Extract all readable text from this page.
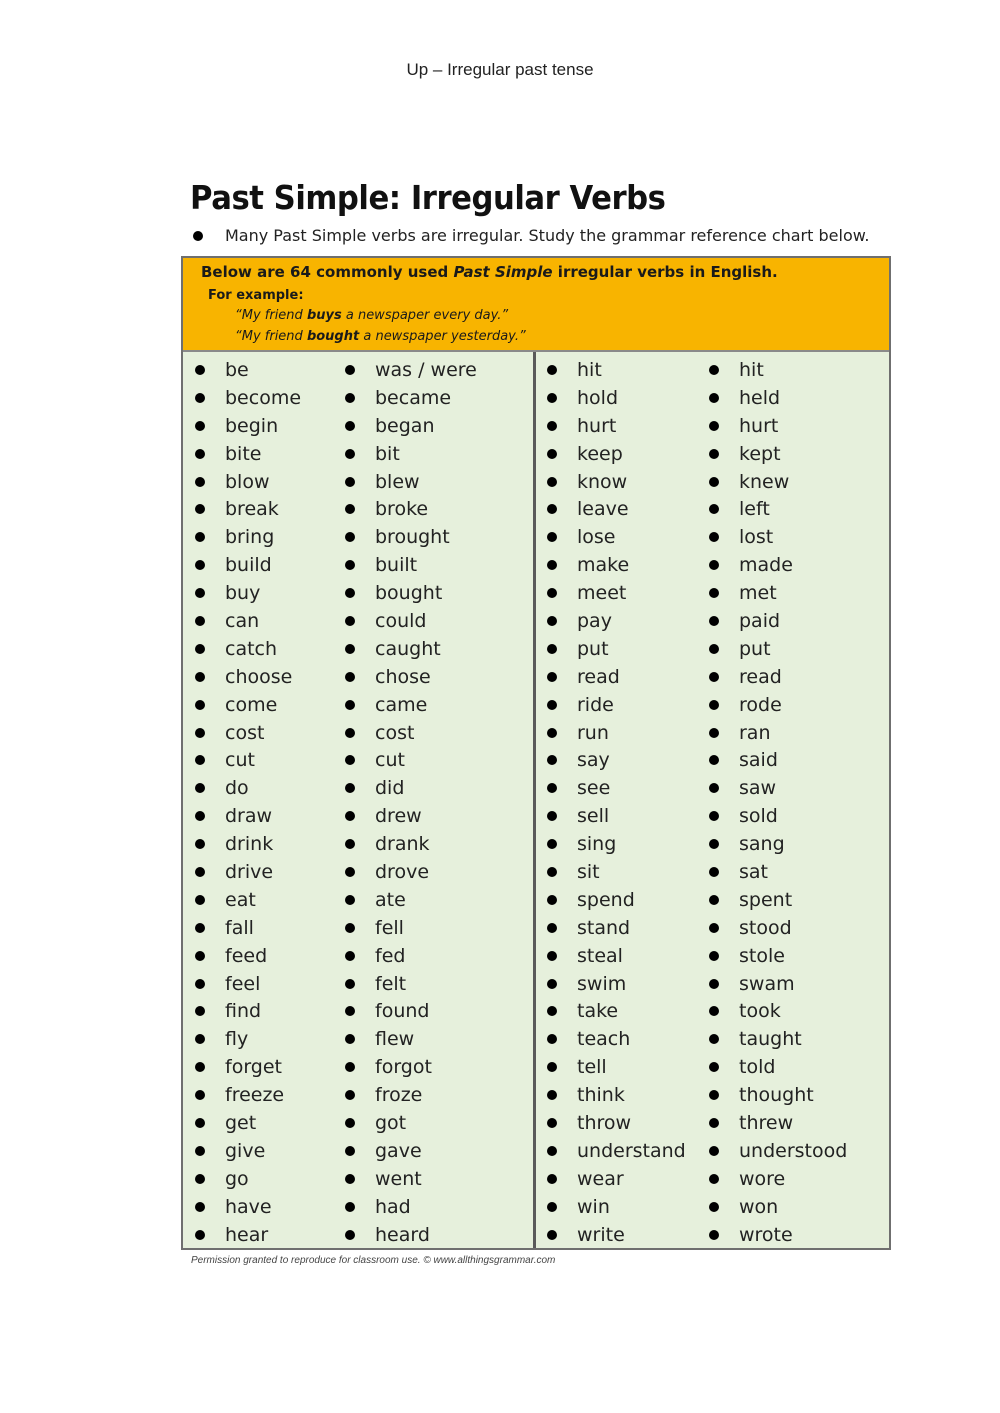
Up – Irregular past tense
Past Simple: Irregular Verbs
Many Past Simple verbs are irregular. Study the grammar reference chart below.
Below are 64 commonly used Past Simple irregular verbs in English.
For example:
“My friend buys a newspaper every day.”
“My friend bought a newspaper yesterday.”
be
become
begin
bite
blow
break
bring
build
buy
can
catch
choose
come
cost
cut
do
draw
drink
drive
eat
fall
feed
feel
find
fly
forget
freeze
get
give
go
have
hear
was / were
became
began
bit
blew
broke
brought
built
bought
could
caught
chose
came
cost
cut
did
drew
drank
drove
ate
fell
fed
felt
found
flew
forgot
froze
got
gave
went
had
heard
hit
hold
hurt
keep
know
leave
lose
make
meet
pay
put
read
ride
run
say
see
sell
sing
sit
spend
stand
steal
swim
take
teach
tell
think
throw
understand
wear
win
write
hit
held
hurt
kept
knew
left
lost
made
met
paid
put
read
rode
ran
said
saw
sold
sang
sat
spent
stood
stole
swam
took
taught
told
thought
threw
understood
wore
won
wrote
Permission granted to reproduce for classroom use. © www.allthingsgrammar.com
